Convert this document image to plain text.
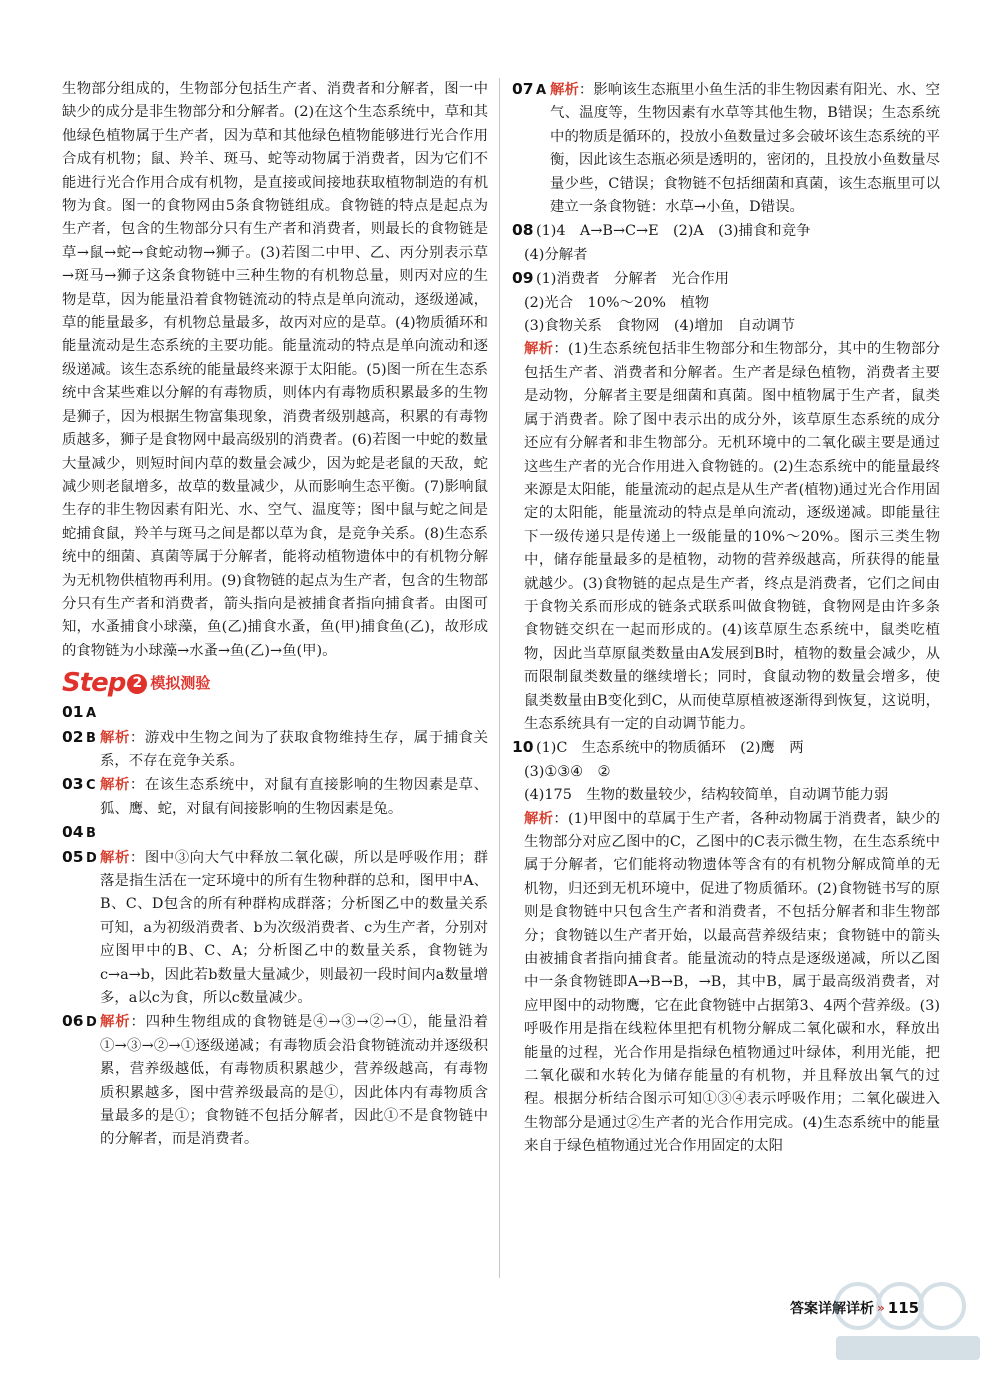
生物部分组成的，生物部分包括生产者、消费者和分解者，图一中缺少的成分是非生物部分和分解者。(2)在这个生态系统中，草和其他绿色植物属于生产者，因为草和其他绿色植物能够进行光合作用合成有机物；鼠、羚羊、斑马、蛇等动物属于消费者，因为它们不能进行光合作用合成有机物，是直接或间接地获取植物制造的有机物为食。图一的食物网由5条食物链组成。食物链的特点是起点为生产者，包含的生物部分只有生产者和消费者，则最长的食物链是草→鼠→蛇→食蛇动物→狮子。(3)若图二中甲、乙、丙分别表示草→斑马→狮子这条食物链中三种生物的有机物总量，则丙对应的生物是草，因为能量沿着食物链流动的特点是单向流动，逐级递减，草的能量最多，有机物总量最多，故丙对应的是草。(4)物质循环和能量流动是生态系统的主要功能。能量流动的特点是单向流动和逐级递减。该生态系统的能量最终来源于太阳能。(5)图一所在生态系统中含某些难以分解的有毒物质，则体内有毒物质积累最多的生物是狮子，因为根据生物富集现象，消费者级别越高，积累的有毒物质越多，狮子是食物网中最高级别的消费者。(6)若图一中蛇的数量大量减少，则短时间内草的数量会减少，因为蛇是老鼠的天敌，蛇减少则老鼠增多，故草的数量减少，从而影响生态平衡。(7)影响鼠生存的非生物因素有阳光、水、空气、温度等；图中鼠与蛇之间是蛇捕食鼠，羚羊与斑马之间是都以草为食，是竞争关系。(8)生态系统中的细菌、真菌等属于分解者，能将动植物遗体中的有机物分解为无机物供植物再利用。(9)食物链的起点为生产者，包含的生物部分只有生产者和消费者，箭头指向是被捕食者指向捕食者。由图可知，水蚤捕食小球藻，鱼(乙)捕食水蚤，鱼(甲)捕食鱼(乙)，故形成的食物链为小球藻→水蚤→鱼(乙)→鱼(甲)。

Step 2 模拟测验
01 A
02 B 解析：游戏中生物之间为了获取食物维持生存，属于捕食关系，不存在竞争关系。
03 C 解析：在该生态系统中，对鼠有直接影响的生物因素是草、狐、鹰、蛇，对鼠有间接影响的生物因素是兔。
04 B
05 D 解析：图中③向大气中释放二氧化碳，所以是呼吸作用；群落是指生活在一定环境中的所有生物种群的总和，图甲中A、B、C、D包含的所有种群构成群落；分析图乙中的数量关系可知，a为初级消费者、b为次级消费者、c为生产者，分别对应图甲中的B、C、A；分析图乙中的数量关系，食物链为c→a→b，因此若b数量大量减少，则最初一段时间内a数量增多，a以c为食，所以c数量减少。
06 D 解析：四种生物组成的食物链是④→③→②→①，能量沿着①→③→②→①逐级递减；有毒物质会沿食物链流动并逐级积累，营养级越低，有毒物质积累越少，营养级越高，有毒物质积累越多，图中营养级最高的是①，因此体内有毒物质含量最多的是①；食物链不包括分解者，因此①不是食物链中的分解者，而是消费者。
07 A 解析：影响该生态瓶里小鱼生活的非生物因素有阳光、水、空气、温度等，生物因素有水草等其他生物，B错误；生态系统中的物质是循环的，投放小鱼数量过多会破坏该生态系统的平衡，因此该生态瓶必须是透明的，密闭的，且投放小鱼数量尽量少些，C错误；食物链不包括细菌和真菌，该生态瓶里可以建立一条食物链：水草→小鱼，D错误。
08 (1)4　A→B→C→E　(2)A　(3)捕食和竞争

(4)分解者

09 (1)消费者　分解者　光合作用

(2)光合　10%～20%　植物

(3)食物关系　食物网　(4)增加　自动调节

解析：(1)生态系统包括非生物部分和生物部分，其中的生物部分包括生产者、消费者和分解者。生产者是绿色植物，消费者主要是动物，分解者主要是细菌和真菌。图中植物属于生产者，鼠类属于消费者。除了图中表示出的成分外，该草原生态系统的成分还应有分解者和非生物部分。无机环境中的二氧化碳主要是通过这些生产者的光合作用进入食物链的。(2)生态系统中的能量最终来源是太阳能，能量流动的起点是从生产者(植物)通过光合作用固定的太阳能，能量流动的特点是单向流动，逐级递减。即能量往下一级传递只是传递上一级能量的10%～20%。图示三类生物中，储存能量最多的是植物，动物的营养级越高，所获得的能量就越少。(3)食物链的起点是生产者，终点是消费者，它们之间由于食物关系而形成的链条式联系叫做食物链，食物网是由许多条食物链交织在一起而形成的。(4)该草原生态系统中，鼠类吃植物，因此当草原鼠类数量由A发展到B时，植物的数量会减少，从而限制鼠类数量的继续增长；同时，食鼠动物的数量会增多，使鼠类数量由B变化到C，从而使草原植被逐渐得到恢复，这说明，生态系统具有一定的自动调节能力。

10 (1)C　生态系统中的物质循环　(2)鹰　两

(3)①③④　②

(4)175　生物的数量较少，结构较简单，自动调节能力弱

解析：(1)甲图中的草属于生产者，各种动物属于消费者，缺少的生物部分对应乙图中的C，乙图中的C表示微生物，在生态系统中属于分解者，它们能将动物遗体等含有的有机物分解成简单的无机物，归还到无机环境中，促进了物质循环。(2)食物链书写的原则是食物链中只包含生产者和消费者，不包括分解者和非生物部分；食物链以生产者开始，以最高营养级结束；食物链中的箭头由被捕食者指向捕食者。能量流动的特点是逐级递减，所以乙图中一条食物链即A→B→B，→B，其中B，属于最高级消费者，对应甲图中的动物鹰，它在此食物链中占据第3、4两个营养级。(3)呼吸作用是指在线粒体里把有机物分解成二氧化碳和水，释放出能量的过程，光合作用是指绿色植物通过叶绿体，利用光能，把二氧化碳和水转化为储存能量的有机物，并且释放出氧气的过程。根据分析结合图示可知①③④表示呼吸作用；二氧化碳进入生物部分是通过②生产者的光合作用完成。(4)生态系统中的能量来自于绿色植物通过光合作用固定的太阳

答案详解详析 » 115
